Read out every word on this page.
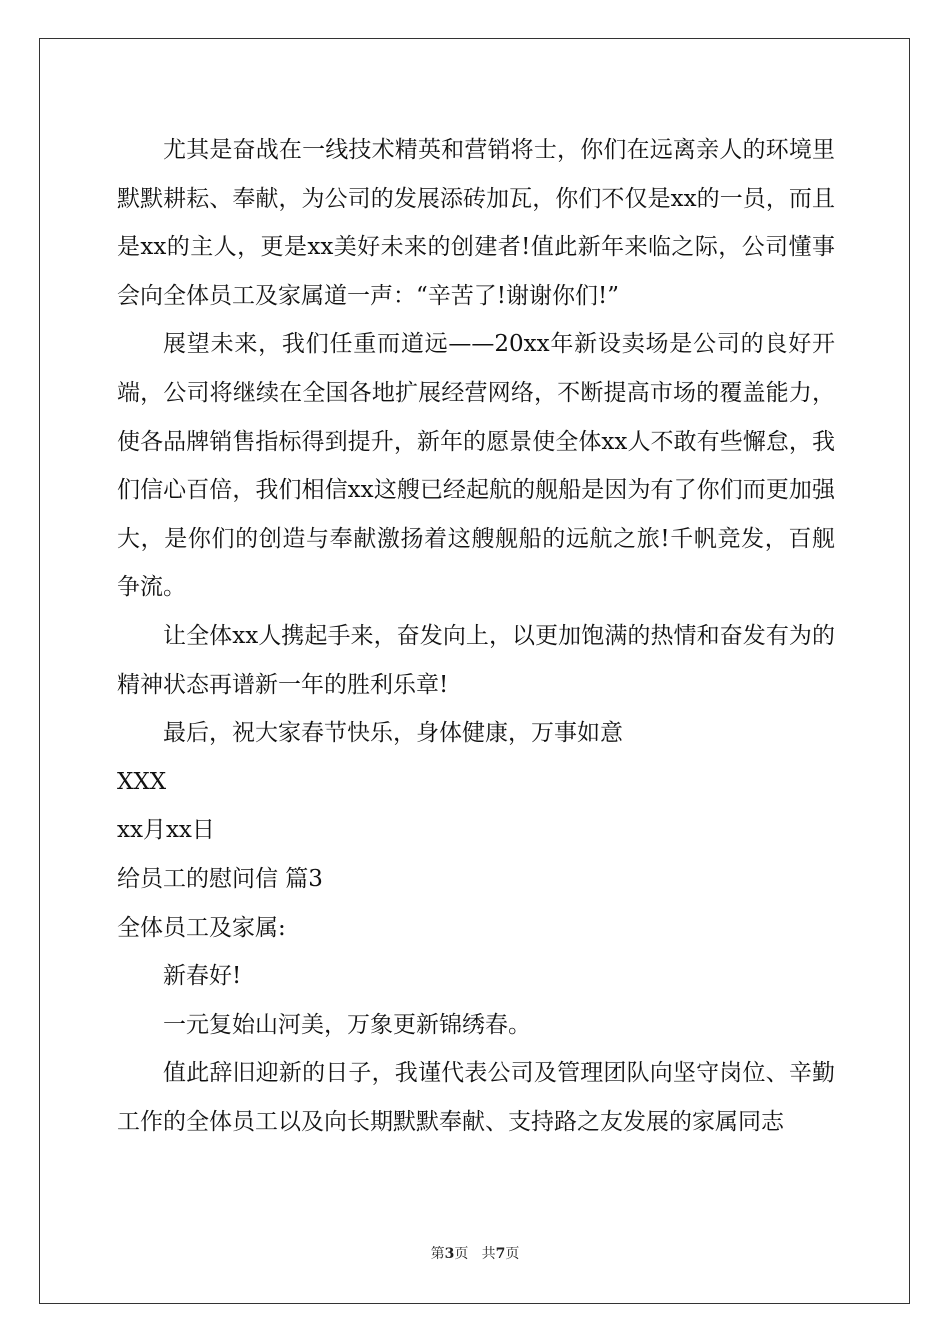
尤其是奋战在一线技术精英和营销将士，你们在远离亲人的环境里默默耕耘、奉献，为公司的发展添砖加瓦，你们不仅是xx的一员，而且是xx的主人，更是xx美好未来的创建者!值此新年来临之际，公司懂事会向全体员工及家属道一声：“辛苦了!谢谢你们!”

展望未来，我们任重而道远——20xx年新设卖场是公司的良好开端，公司将继续在全国各地扩展经营网络，不断提高市场的覆盖能力，使各品牌销售指标得到提升，新年的愿景使全体xx人不敢有些懈怠，我们信心百倍，我们相信xx这艘已经起航的舰船是因为有了你们而更加强大，是你们的创造与奉献激扬着这艘舰船的远航之旅!千帆竞发，百舰争流。

让全体xx人携起手来，奋发向上，以更加饱满的热情和奋发有为的精神状态再谱新一年的胜利乐章!

最后，祝大家春节快乐，身体健康，万事如意

XXX

xx月xx日

给员工的慰问信 篇3

全体员工及家属:

新春好!

一元复始山河美，万象更新锦绣春。

值此辞旧迎新的日子，我谨代表公司及管理团队向坚守岗位、辛勤工作的全体员工以及向长期默默奉献、支持路之友发展的家属同志

第3页 共7页
